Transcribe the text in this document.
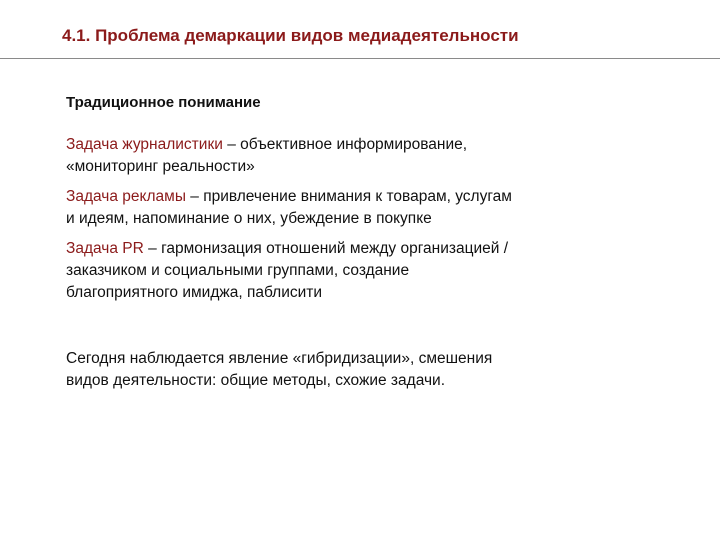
4.1. Проблема демаркации видов медиадеятельности
Традиционное понимание
Задача журналистики – объективное информирование,
«мониторинг реальности»
Задача рекламы – привлечение внимания к товарам, услугам
и идеям, напоминание о них, убеждение в покупке
Задача PR – гармонизация отношений между организацией /
заказчиком и социальными группами, создание
благоприятного имиджа, паблисити
Сегодня наблюдается явление «гибридизации», смешения
видов деятельности: общие методы, схожие задачи.
